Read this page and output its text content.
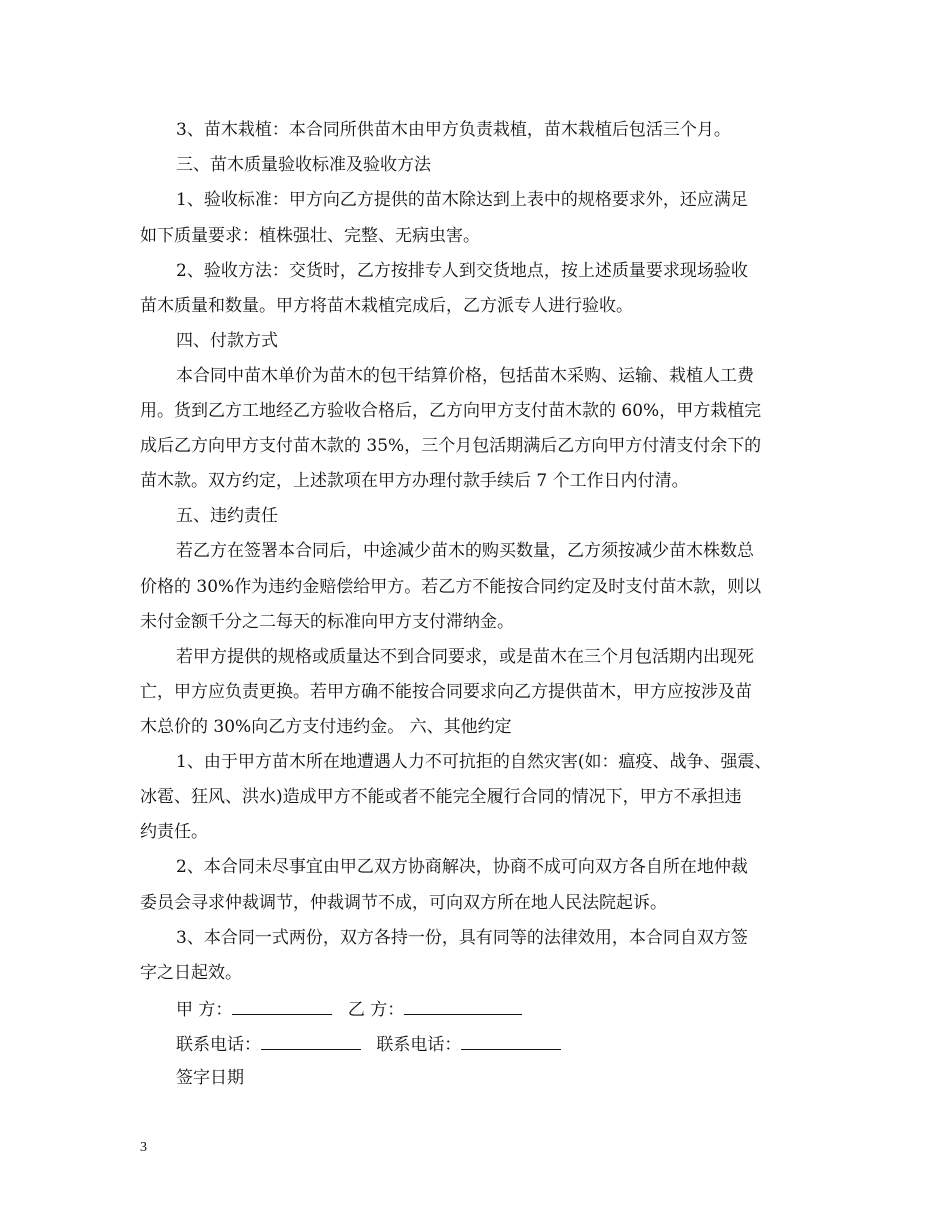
3、苗木栽植：本合同所供苗木由甲方负责栽植，苗木栽植后包活三个月。
三、苗木质量验收标准及验收方法
1、验收标准：甲方向乙方提供的苗木除达到上表中的规格要求外，还应满足
如下质量要求：植株强壮、完整、无病虫害。
2、验收方法：交货时，乙方按排专人到交货地点，按上述质量要求现场验收
苗木质量和数量。甲方将苗木栽植完成后，乙方派专人进行验收。
四、付款方式
本合同中苗木单价为苗木的包干结算价格，包括苗木采购、运输、栽植人工费
用。货到乙方工地经乙方验收合格后，乙方向甲方支付苗木款的 60%，甲方栽植完
成后乙方向甲方支付苗木款的 35%，三个月包活期满后乙方向甲方付清支付余下的
苗木款。双方约定，上述款项在甲方办理付款手续后 7 个工作日内付清。
五、违约责任
若乙方在签署本合同后，中途减少苗木的购买数量，乙方须按减少苗木株数总
价格的 30%作为违约金赔偿给甲方。若乙方不能按合同约定及时支付苗木款，则以
未付金额千分之二每天的标准向甲方支付滞纳金。
若甲方提供的规格或质量达不到合同要求，或是苗木在三个月包活期内出现死
亡，甲方应负责更换。若甲方确不能按合同要求向乙方提供苗木，甲方应按涉及苗
木总价的 30%向乙方支付违约金。 六、其他约定
1、由于甲方苗木所在地遭遇人力不可抗拒的自然灾害(如：瘟疫、战争、强震、
冰雹、狂风、洪水)造成甲方不能或者不能完全履行合同的情况下，甲方不承担违
约责任。
2、本合同未尽事宜由甲乙双方协商解决，协商不成可向双方各自所在地仲裁
委员会寻求仲裁调节，仲裁调节不成，可向双方所在地人民法院起诉。
3、本合同一式两份，双方各持一份，具有同等的法律效用，本合同自双方签
字之日起效。
甲 方：	乙 方：
联系电话：	联系电话：
签字日期
3
